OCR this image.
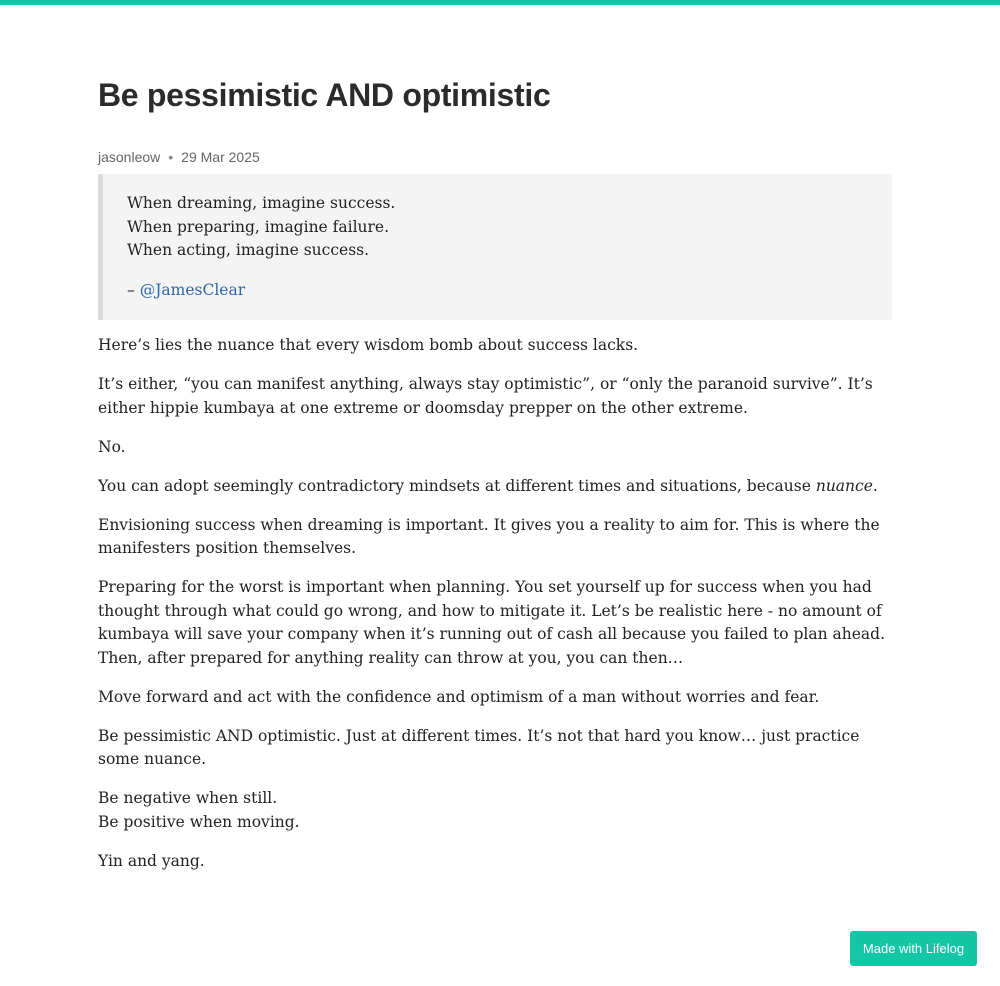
Be pessimistic AND optimistic
jasonleow • 29 Mar 2025

When dreaming, imagine success.
When preparing, imagine failure.
When acting, imagine success.

– @JamesClear

Here’s lies the nuance that every wisdom bomb about success lacks.

It’s either, “you can manifest anything, always stay optimistic”, or “only the paranoid survive”. It’s either hippie kumbaya at one extreme or doomsday prepper on the other extreme.

No.

You can adopt seemingly contradictory mindsets at different times and situations, because nuance.

Envisioning success when dreaming is important. It gives you a reality to aim for. This is where the manifesters position themselves.

Preparing for the worst is important when planning. You set yourself up for success when you had thought through what could go wrong, and how to mitigate it. Let’s be realistic here - no amount of kumbaya will save your company when it’s running out of cash all because you failed to plan ahead. Then, after prepared for anything reality can throw at you, you can then…

Move forward and act with the confidence and optimism of a man without worries and fear.

Be pessimistic AND optimistic. Just at different times. It’s not that hard you know… just practice some nuance.

Be negative when still.
Be positive when moving.

Yin and yang.

Made with Lifelog
